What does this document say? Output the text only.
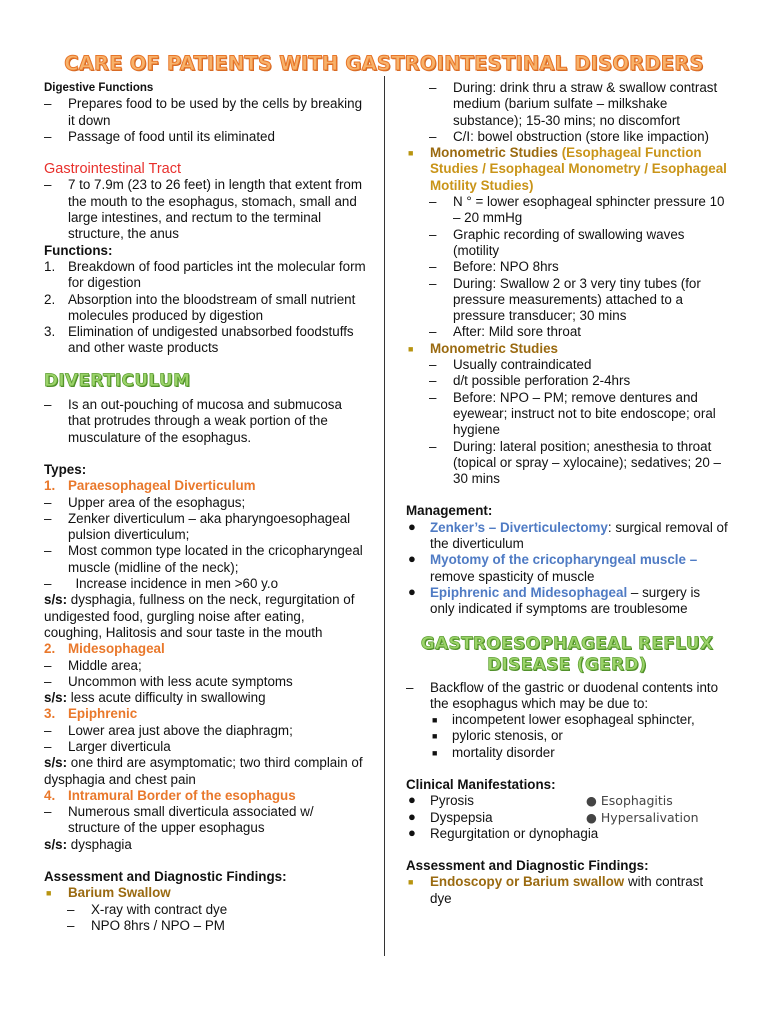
CARE OF PATIENTS WITH GASTROINTESTINAL DISORDERS
Digestive Functions
– Prepares food to be used by the cells by breaking it down
– Passage of food until its eliminated
Gastrointestinal Tract
– 7 to 7.9m (23 to 26 feet) in length that extent from the mouth to the esophagus, stomach, small and large intestines, and rectum to the terminal structure, the anus
Functions:
1. Breakdown of food particles int the molecular form for digestion
2. Absorption into the bloodstream of small nutrient molecules produced by digestion
3. Elimination of undigested unabsorbed foodstuffs and other waste products
DIVERTICULUM
– Is an out-pouching of mucosa and submucosa that protrudes through a weak portion of the musculature of the esophagus.
Types:
1. Paraesophageal Diverticulum
– Upper area of the esophagus;
– Zenker diverticulum – aka pharyngoesophageal pulsion diverticulum;
– Most common type located in the cricopharyngeal muscle (midline of the neck);
–   Increase incidence in men >60 y.o
s/s: dysphagia, fullness on the neck, regurgitation of undigested food, gurgling noise after eating, coughing, Halitosis and sour taste in the mouth
2. Midesophageal
– Middle area;
– Uncommon with less acute symptoms
s/s: less acute difficulty in swallowing
3. Epiphrenic
– Lower area just above the diaphragm;
– Larger diverticula
s/s: one third are asymptomatic; two third complain of dysphagia and chest pain
4. Intramural Border of the esophagus
– Numerous small diverticula associated w/ structure of the upper esophagus
s/s: dysphagia
Assessment and Diagnostic Findings:
■ Barium Swallow
– X-ray with contract dye
– NPO 8hrs / NPO – PM
– During: drink thru a straw & swallow contrast medium (barium sulfate – milkshake substance); 15-30 mins; no discomfort
– C/I: bowel obstruction (store like impaction)
■ Monometric Studies (Esophageal Function Studies / Esophageal Monometry / Esophageal Motility Studies)
– N ° = lower esophageal sphincter pressure 10 – 20 mmHg
– Graphic recording of swallowing waves (motility
– Before: NPO 8hrs
– During: Swallow 2 or 3 very tiny tubes (for pressure measurements) attached to a pressure transducer; 30 mins
– After: Mild sore throat
■ Monometric Studies
– Usually contraindicated
– d/t possible perforation 2-4hrs
– Before: NPO – PM; remove dentures and eyewear; instruct not to bite endoscope; oral hygiene
– During: lateral position; anesthesia to throat (topical or spray – xylocaine); sedatives; 20 – 30 mins
Management:
● Zenker’s – Diverticulectomy: surgical removal of the diverticulum
● Myotomy of the cricopharyngeal muscle – remove spasticity of muscle
● Epiphrenic and Midesophageal – surgery is only indicated if symptoms are troublesome
GASTROESOPHAGEAL REFLUX
DISEASE (GERD)
– Backflow of the gastric or duodenal contents into the esophagus which may be due to:
■ incompetent lower esophageal sphincter,
■ pyloric stenosis, or
■ mortality disorder
Clinical Manifestations:
● Pyrosis	● Esophagitis
● Dyspepsia	● Hypersalivation
● Regurgitation or dynophagia
Assessment and Diagnostic Findings:
■ Endoscopy or Barium swallow with contrast dye
